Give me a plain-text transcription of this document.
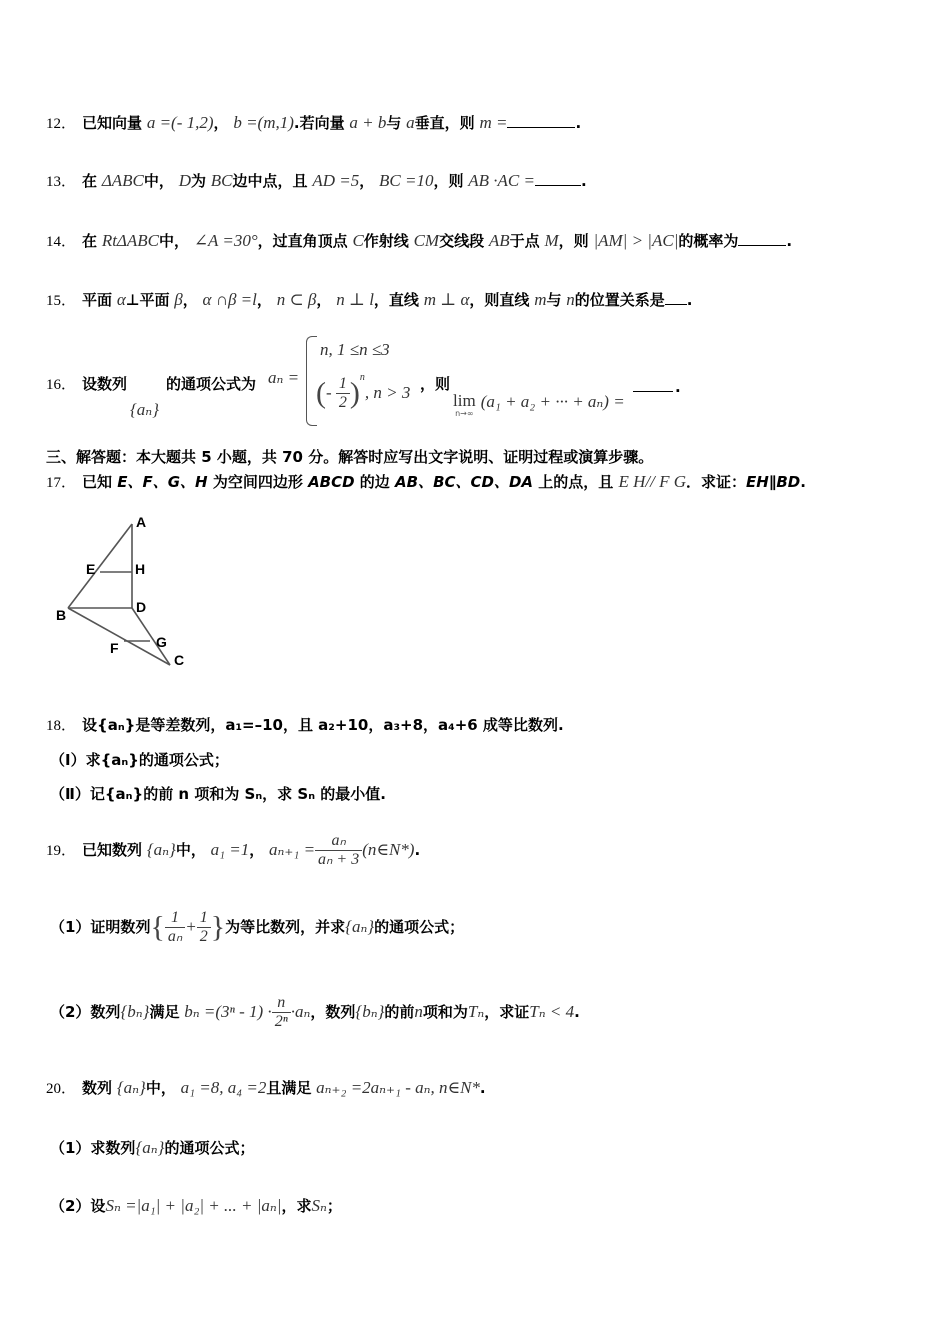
12． 已知向量 a =(- 1,2)， b =(m,1).若向量 a + b与 a垂直，则 m =	.
13． 在 ΔABC中， D为 BC边中点，且 AD =5， BC =10，则 AB ·AC =	.
14． 在 RtΔABC中， ∠A =30°，过直角顶点 C作射线 CM交线段 AB于点 M，则 |AM| > |AC|的概率为	.
15． 平面 α⊥平面 β， α ∩β =l， n ⊂ β， n ⊥ l，直线 m ⊥ α，则直线 m与 n的位置关系是 .
16． 设数列
{aₙ}
的通项公式为 aₙ =
n, 1 ≤n ≤3
(- $\frac{1}{2} )^n$, n > 3 ，则
lim
n→∞
(a₁ + a₂ + ··· + aₙ) =
.
三、解答题：本大题共 5 小题，共 70 分。解答时应写出文字说明、证明过程或演算步骤。
17． 已知 E、F、G、H 为空间四边形 ABCD 的边 AB、BC、CD、DA 上的点，且 E H// F G．求证：EH∥BD.
A
E	H
B	D
F	G
C
18． 设{aₙ}是等差数列，a₁=–10，且 a₂+10，a₃+8，a₄+6 成等比数列.
（Ⅰ）求{aₙ}的通项公式；
（Ⅱ）记{aₙ}的前 n 项和为 Sₙ，求 Sₙ 的最小值.
19． 已知数列 {aₙ}中， a₁ =1， $a_{n+1} = \frac{\text{aₙ}}{\text{aₙ + 3}}$ (n∈N*).
（1）证明数列{ $\frac{1}{\text{aₙ}} + \frac{1}{2}$ }为等比数列，并求{aₙ}的通项公式；
（2）数列{bₙ}满足 $b_n =(3^n - 1) \cdot \frac{n}{\text{2ⁿ}} \cdot a_n$，数列{bₙ}的前n项和为Tₙ，求证Tₙ < 4.
20． 数列 {aₙ}中， a₁ =8, a₄ =2且满足 aₙ₊₂ =2aₙ₊₁ - aₙ, n∈N*.
（1）求数列{aₙ}的通项公式；
（2）设Sₙ =|a₁| + |a₂| + ... + |aₙ|，求Sₙ；
